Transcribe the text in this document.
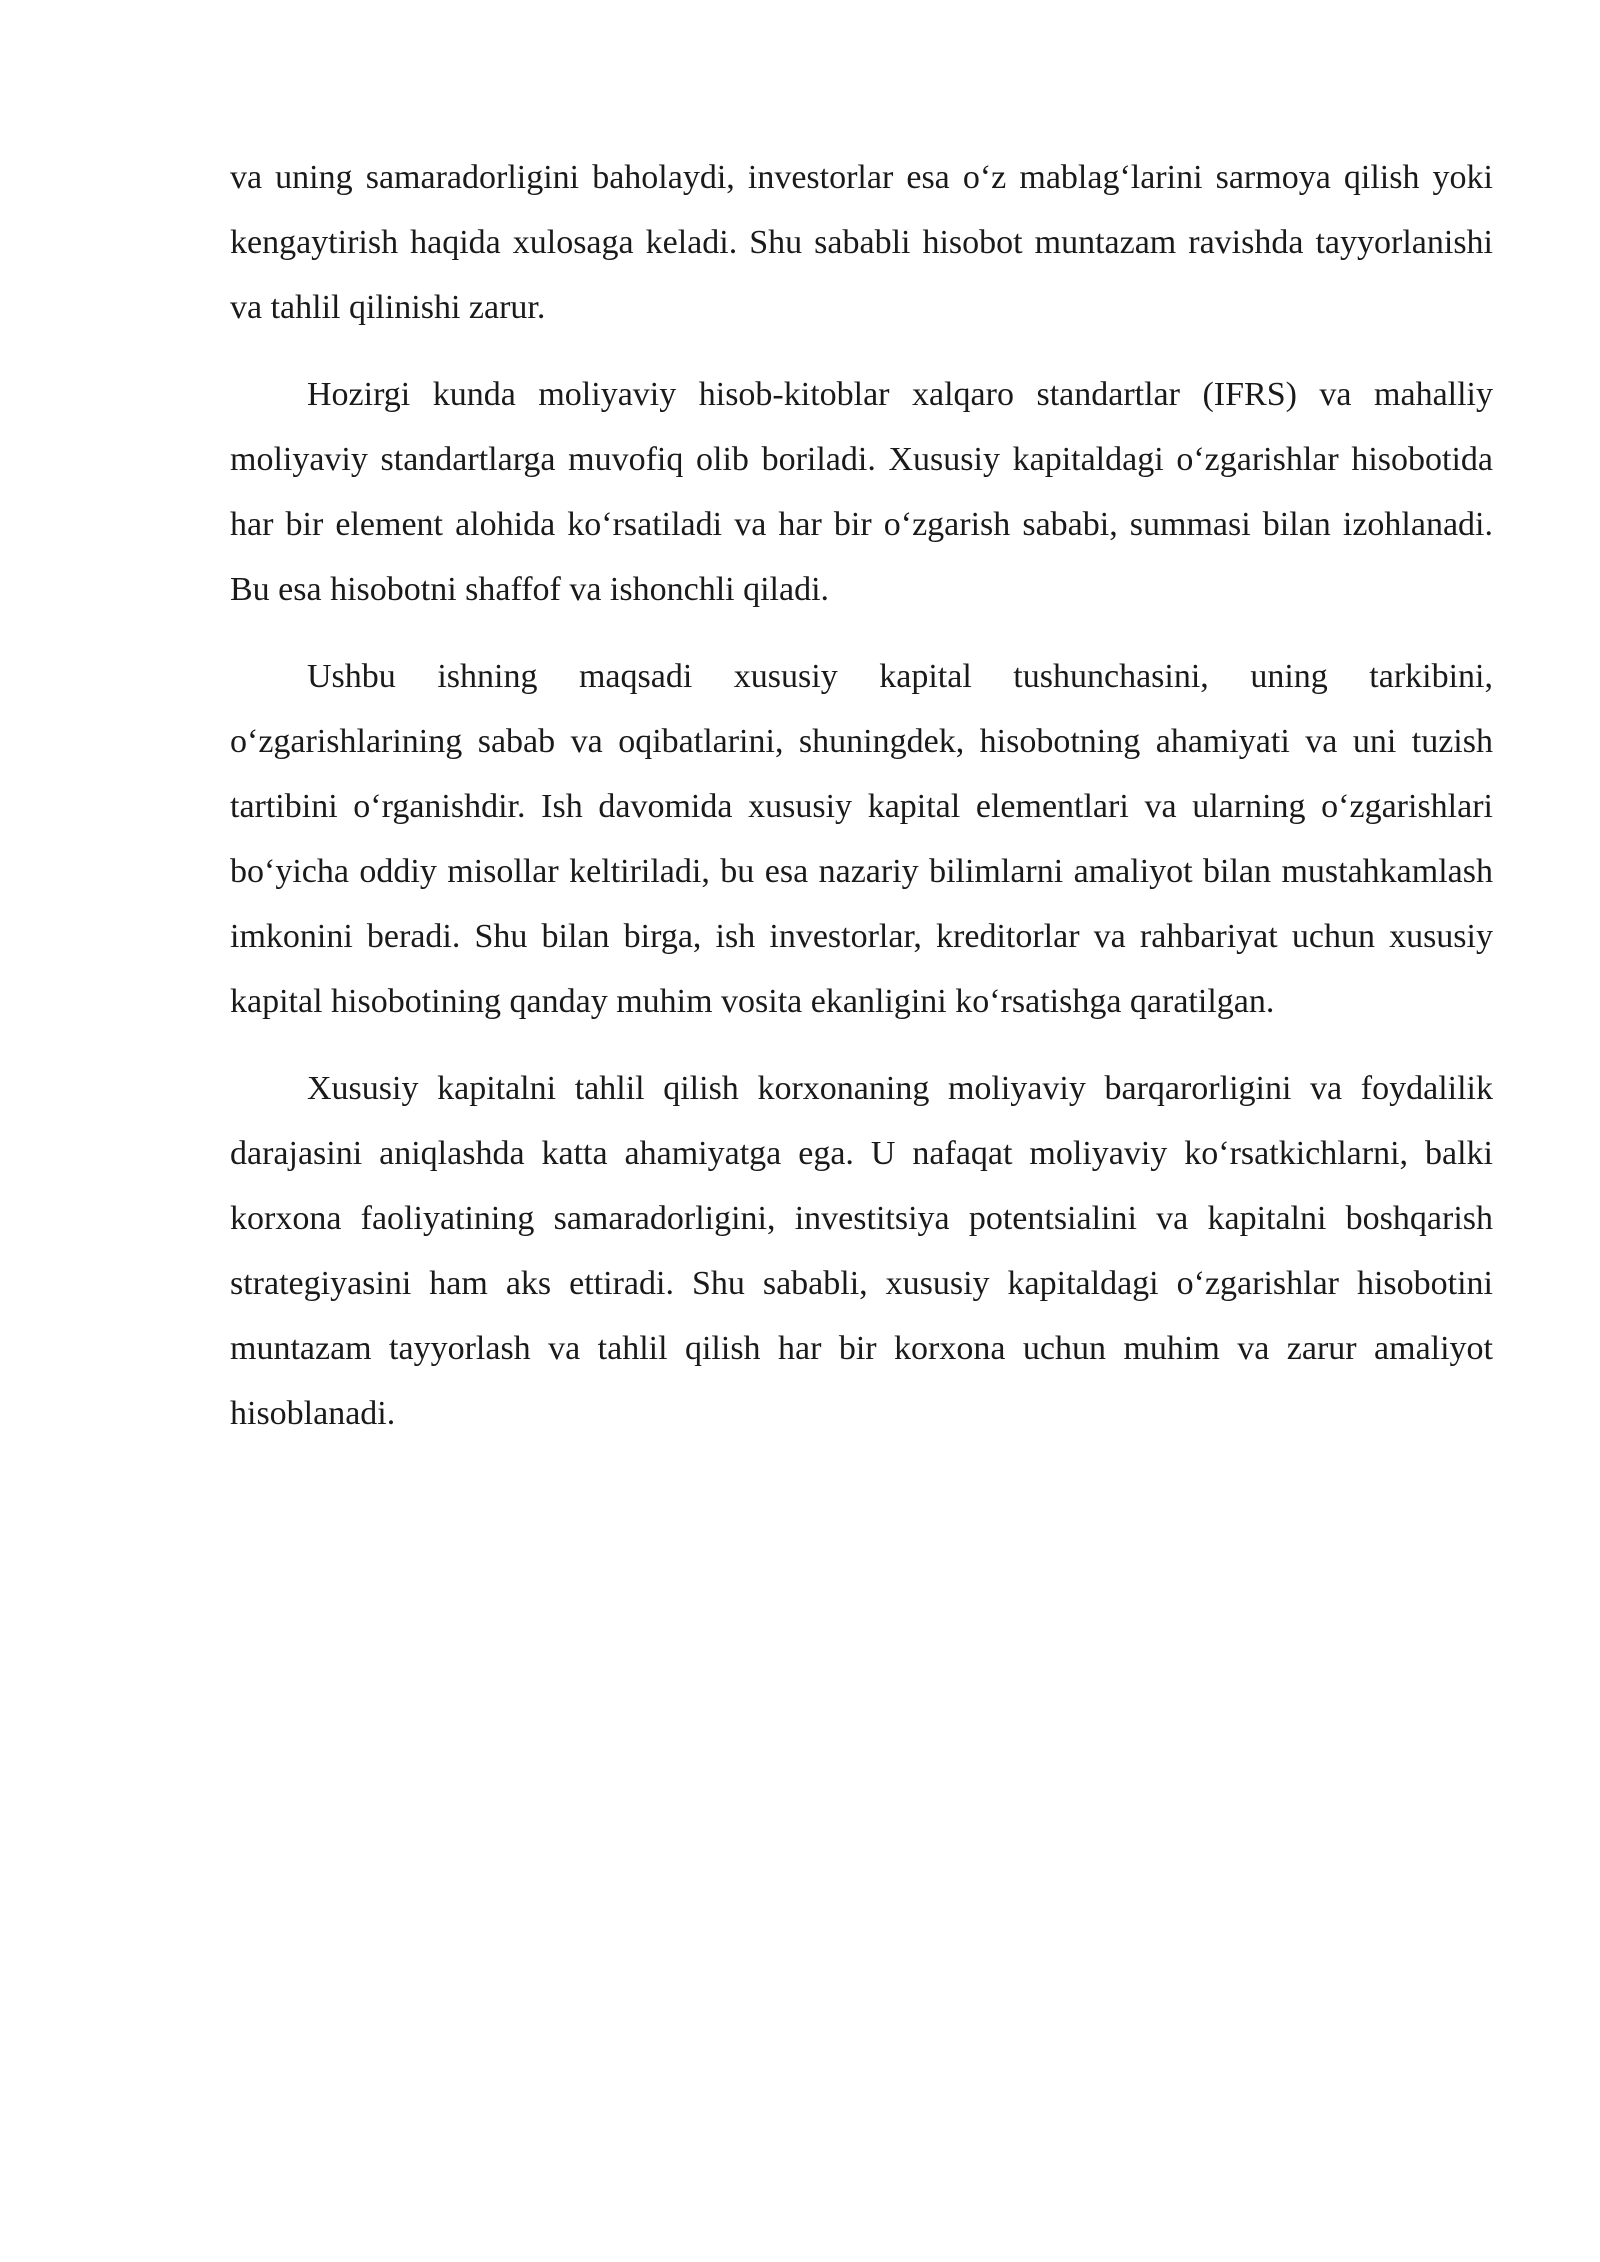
va uning samaradorligini baholaydi, investorlar esa o‘z mablag‘larini sarmoya qilish yoki kengaytirish haqida xulosaga keladi. Shu sababli hisobot muntazam ravishda tayyorlanishi va tahlil qilinishi zarur.

Hozirgi kunda moliyaviy hisob-kitoblar xalqaro standartlar (IFRS) va mahalliy moliyaviy standartlarga muvofiq olib boriladi. Xususiy kapitaldagi o‘zgarishlar hisobotida har bir element alohida ko‘rsatiladi va har bir o‘zgarish sababi, summasi bilan izohlanadi. Bu esa hisobotni shaffof va ishonchli qiladi.

Ushbu ishning maqsadi xususiy kapital tushunchasini, uning tarkibini, o‘zgarishlarining sabab va oqibatlarini, shuningdek, hisobotning ahamiyati va uni tuzish tartibini o‘rganishdir. Ish davomida xususiy kapital elementlari va ularning o‘zgarishlari bo‘yicha oddiy misollar keltiriladi, bu esa nazariy bilimlarni amaliyot bilan mustahkamlash imkonini beradi. Shu bilan birga, ish investorlar, kreditorlar va rahbariyat uchun xususiy kapital hisobotining qanday muhim vosita ekanligini ko‘rsatishga qaratilgan.

Xususiy kapitalni tahlil qilish korxonaning moliyaviy barqarorligini va foydalilik darajasini aniqlashda katta ahamiyatga ega. U nafaqat moliyaviy ko‘rsatkichlarni, balki korxona faoliyatining samaradorligini, investitsiya potentsialini va kapitalni boshqarish strategiyasini ham aks ettiradi. Shu sababli, xususiy kapitaldagi o‘zgarishlar hisobotini muntazam tayyorlash va tahlil qilish har bir korxona uchun muhim va zarur amaliyot hisoblanadi.
